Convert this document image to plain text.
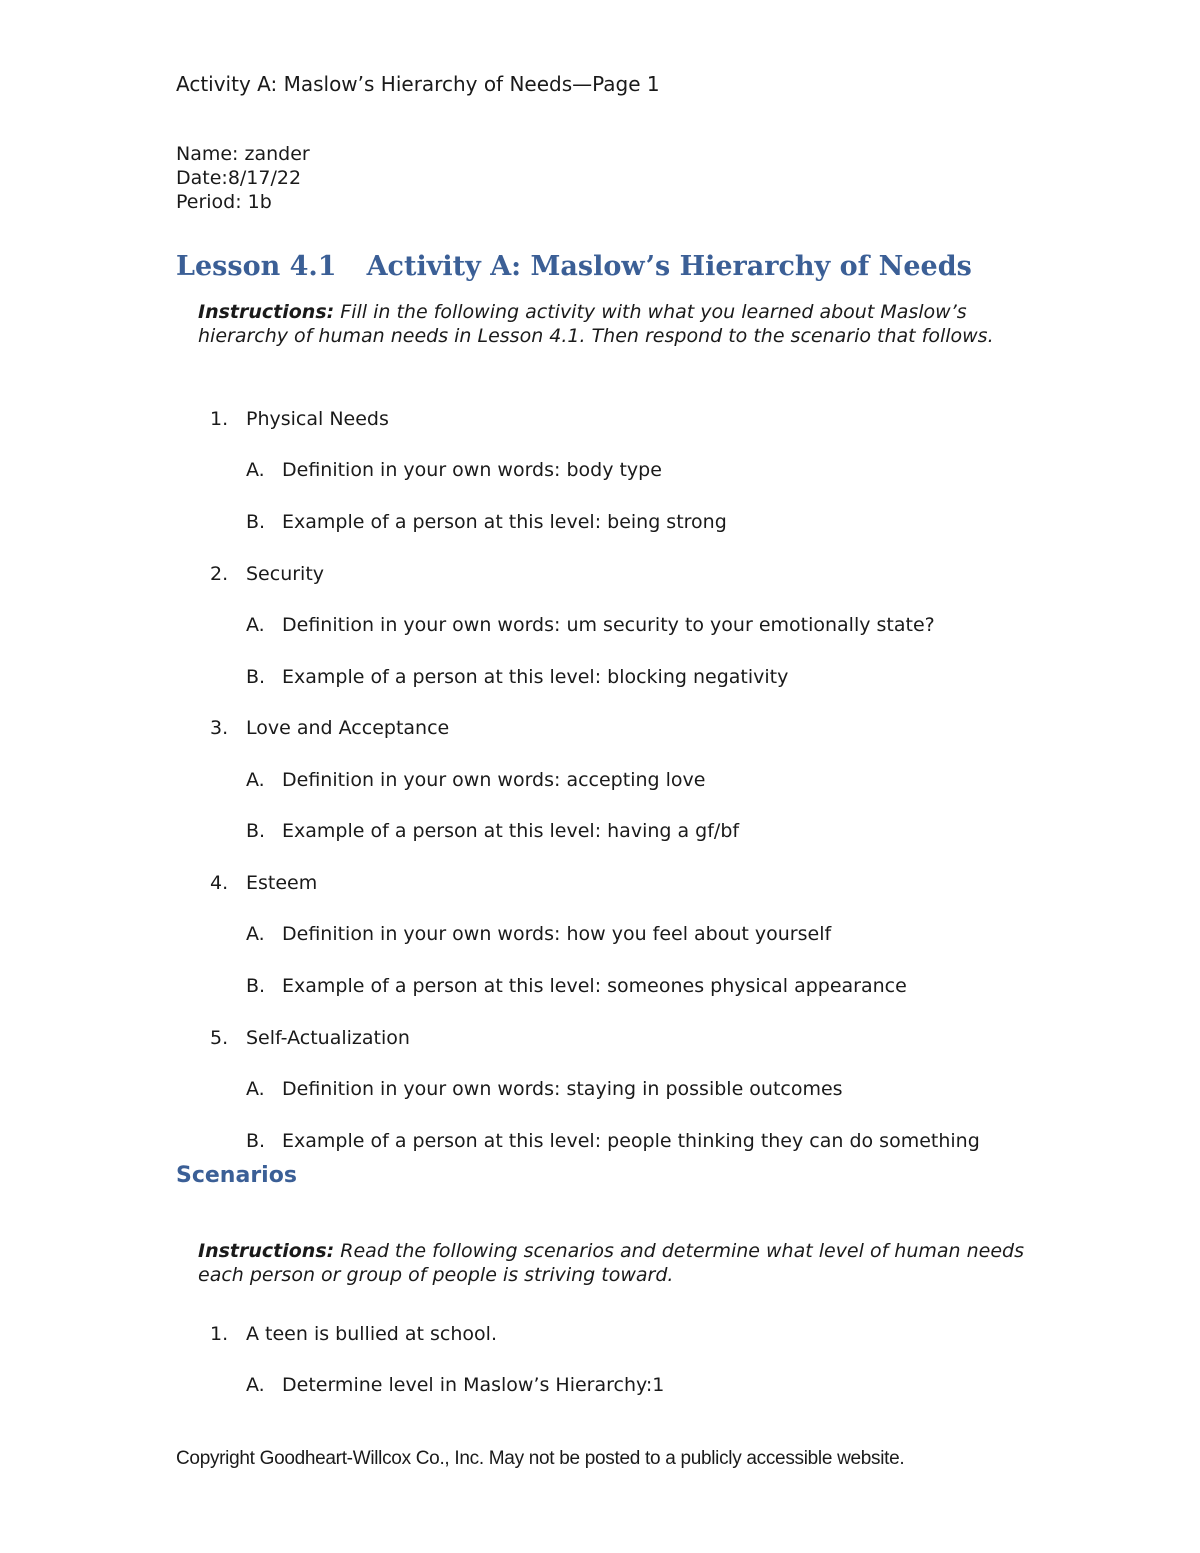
Activity A: Maslow’s Hierarchy of Needs—Page 1
Name: zander
Date:8/17/22
Period: 1b
Lesson 4.1 Activity A: Maslow’s Hierarchy of Needs
Instructions: Fill in the following activity with what you learned about Maslow’s hierarchy of human needs in Lesson 4.1. Then respond to the scenario that follows.
1. Physical Needs
A. Definition in your own words: body type
B. Example of a person at this level: being strong
2. Security
A. Definition in your own words: um security to your emotionally state?
B. Example of a person at this level: blocking negativity
3. Love and Acceptance
A. Definition in your own words: accepting love
B. Example of a person at this level: having a gf/bf
4. Esteem
A. Definition in your own words: how you feel about yourself
B. Example of a person at this level: someones physical appearance
5. Self-Actualization
A. Definition in your own words: staying in possible outcomes
B. Example of a person at this level: people thinking they can do something
Scenarios
Instructions: Read the following scenarios and determine what level of human needs each person or group of people is striving toward.
1. A teen is bullied at school.
A. Determine level in Maslow’s Hierarchy:1
Copyright Goodheart-Willcox Co., Inc. May not be posted to a publicly accessible website.
